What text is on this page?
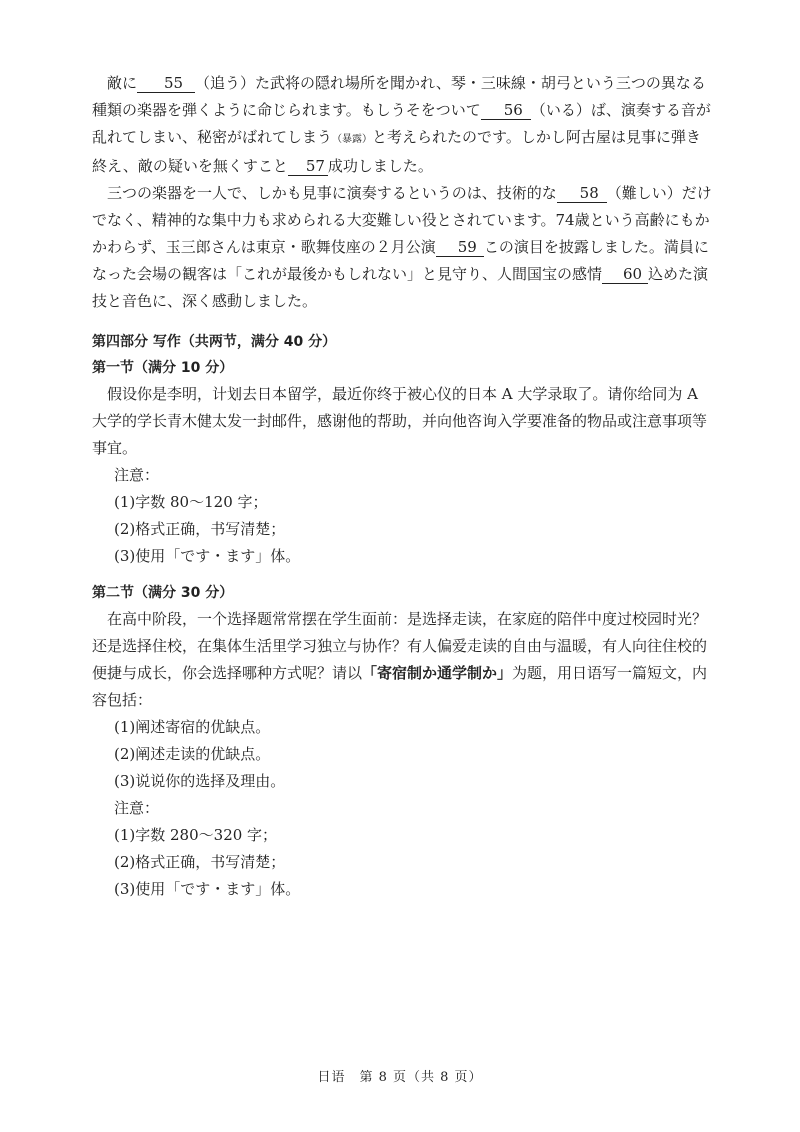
敵に 55 （追う）た武将の隠れ場所を聞かれ、琴・三味線・胡弓という三つの異なる種類の楽器を弾くように命じられます。もしうそをついて 56 （いる）ば、演奏する音が乱れてしまい、秘密がばれてしまう（暴露）と考えられたのです。しかし阿古屋は見事に弾き終え、敵の疑いを無くすこと 57 成功しました。

三つの楽器を一人で、しかも見事に演奏するというのは、技術的な 58 （難しい）だけでなく、精神的な集中力も求められる大変難しい役とされています。74歳という高齢にもかかわらず、玉三郎さんは東京・歌舞伎座の２月公演 59 この演目を披露しました。満員になった会場の観客は「これが最後かもしれない」と見守り、人間国宝の感情 60 込めた演技と音色に、深く感動しました。

第四部分 写作（共两节，满分 40 分）

第一节（满分 10 分）

假设你是李明，计划去日本留学，最近你终于被心仪的日本 A 大学录取了。请你给同为 A 大学的学长青木健太发一封邮件，感谢他的帮助，并向他咨询入学要准备的物品或注意事项等事宜。

注意：

(1)字数 80～120 字；

(2)格式正确，书写清楚；

(3)使用「です・ます」体。

第二节（满分 30 分）

在高中阶段，一个选择题常常摆在学生面前：是选择走读，在家庭的陪伴中度过校园时光？还是选择住校，在集体生活里学习独立与协作？有人偏爱走读的自由与温暖，有人向往住校的便捷与成长，你会选择哪种方式呢？请以「寄宿制か通学制か」为题，用日语写一篇短文，内容包括：

(1)阐述寄宿的优缺点。

(2)阐述走读的优缺点。

(3)说说你的选择及理由。

注意：

(1)字数 280～320 字；

(2)格式正确，书写清楚；

(3)使用「です・ます」体。

日语　第 8 页（共 8 页）
